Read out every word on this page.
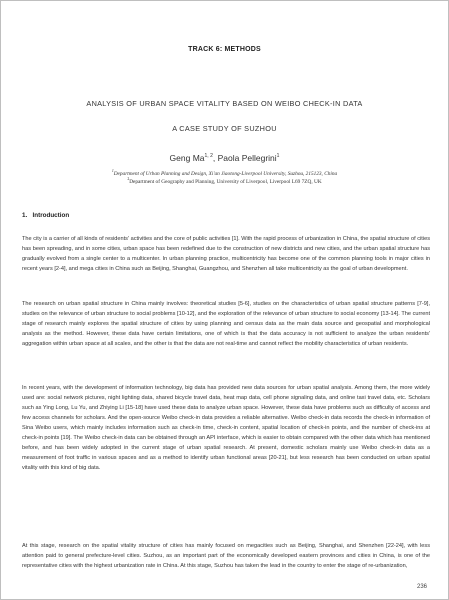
TRACK 6: METHODS
ANALYSIS OF URBAN SPACE VITALITY BASED ON WEIBO CHECK-IN DATA
A CASE STUDY OF SUZHOU
Geng Ma$^{1, 2}$, Paola Pellegrini$^1$
$^1$Department of Urban Planning and Design, Xi'an Jiaotong-Liverpool University, Suzhou, 215123, China
$^2$Department of Geography and Planning, University of Liverpool, Liverpool L69 7ZQ, UK
1.   Introduction

The city is a carrier of all kinds of residents' activities and the core of public activities [1]. With the rapid process of urbanization in China, the spatial structure of cities has been spreading, and in some cities, urban space has been redefined due to the construction of new districts and new cities, and the urban spatial structure has gradually evolved from a single center to a multicenter. In urban planning practice, multicentricity has become one of the common planning tools in major cities in recent years [2-4], and mega cities in China such as Beijing, Shanghai, Guangzhou, and Shenzhen all take multicentricity as the goal of urban development.

The research on urban spatial structure in China mainly involves: theoretical studies [5-6], studies on the characteristics of urban spatial structure patterns [7-9], studies on the relevance of urban structure to social problems [10-12], and the exploration of the relevance of urban structure to social economy [13-14]. The current stage of research mainly explores the spatial structure of cities by using planning and census data as the main data source and geospatial and morphological analysis as the method. However, these data have certain limitations, one of which is that the data accuracy is not sufficient to analyze the urban residents' aggregation within urban space at all scales, and the other is that the data are not real-time and cannot reflect the mobility characteristics of urban residents.

In recent years, with the development of information technology, big data has provided new data sources for urban spatial analysis. Among them, the more widely used are: social network pictures, night lighting data, shared bicycle travel data, heat map data, cell phone signaling data, and online taxi travel data, etc. Scholars such as Ying Long, Lu Yu, and Zhiying Li [15-18] have used these data to analyze urban space. However, these data have problems such as difficulty of access and few access channels for scholars. And the open-source Weibo check-in data provides a reliable alternative. Weibo check-in data records the check-in information of Sina Weibo users, which mainly includes information such as check-in time, check-in content, spatial location of check-in points, and the number of check-ins at check-in points [19]. The Weibo check-in data can be obtained through an API interface, which is easier to obtain compared with the other data which has mentioned before, and has been widely adopted in the current stage of urban spatial research. At present, domestic scholars mainly use Weibo check-in data as a measurement of foot traffic in various spaces and as a method to identify urban functional areas [20-21], but less research has been conducted on urban spatial vitality with this kind of big data.

At this stage, research on the spatial vitality structure of cities has mainly focused on megacities such as Beijing, Shanghai, and Shenzhen [22-24], with less attention paid to general prefecture-level cities. Suzhou, as an important part of the economically developed eastern provinces and cities in China, is one of the representative cities with the highest urbanization rate in China. At this stage, Suzhou has taken the lead in the country to enter the stage of re-urbanization,

236
